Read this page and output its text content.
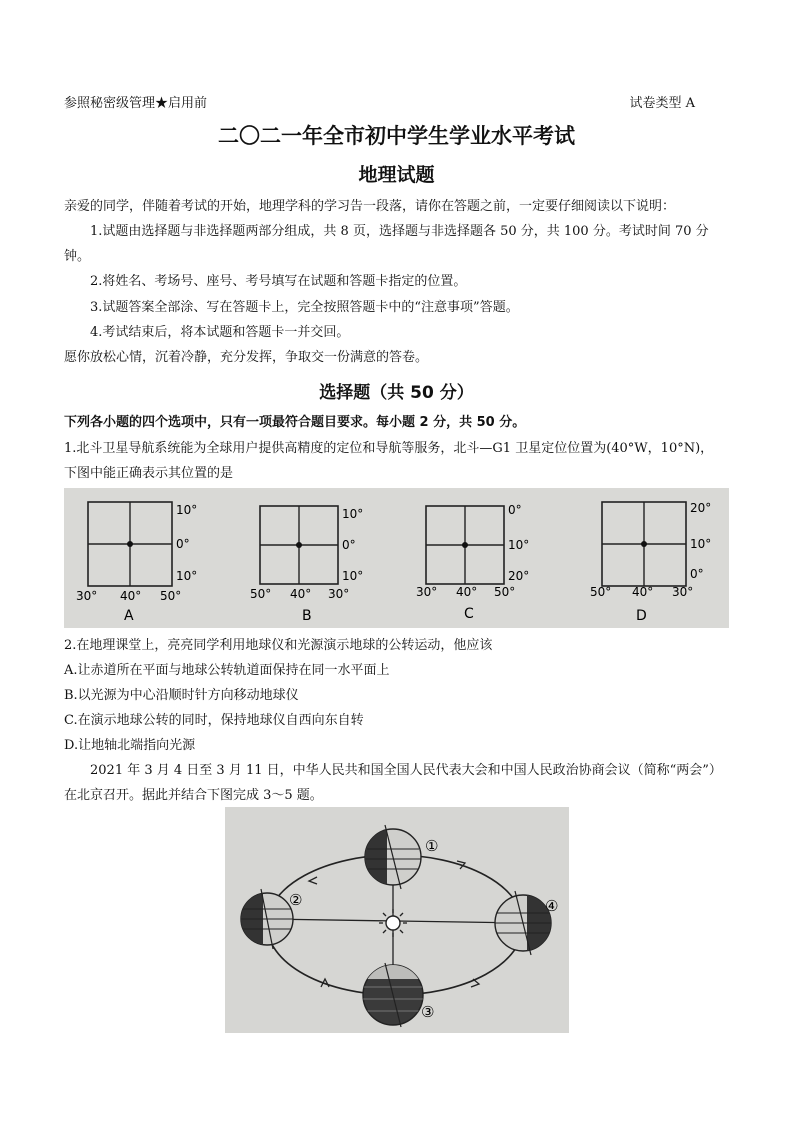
参照秘密级管理★启用前	试卷类型 A
二〇二一年全市初中学生学业水平考试
地理试题
亲爱的同学，伴随着考试的开始，地理学科的学习告一段落，请你在答题之前，一定要仔细阅读以下说明：
1.试题由选择题与非选择题两部分组成，共 8 页，选择题与非选择题各 50 分，共 100 分。考试时间 70 分
钟。
2.将姓名、考场号、座号、考号填写在试题和答题卡指定的位置。
3.试题答案全部涂、写在答题卡上，完全按照答题卡中的“注意事项”答题。
4.考试结束后，将本试题和答题卡一并交回。
愿你放松心情，沉着冷静，充分发挥，争取交一份满意的答卷。
选择题（共 50 分）
下列各小题的四个选项中，只有一项最符合题目要求。每小题 2 分，共 50 分。
1.北斗卫星导航系统能为全球用户提供高精度的定位和导航等服务，北斗—G1 卫星定位位置为(40°W，10°N)，
下图中能正确表示其位置的是
10°
0°
10°
30° 40° 50°
A
10°
0°
10°
50° 40° 30°
B
0°
10°
20°
30° 40° 50°
C
20°
10°
0°
50° 40° 30°
D
2.在地理课堂上，亮亮同学利用地球仪和光源演示地球的公转运动，他应该
A.让赤道所在平面与地球公转轨道面保持在同一水平面上
B.以光源为中心沿顺时针方向移动地球仪
C.在演示地球公转的同时，保持地球仪自西向东自转
D.让地轴北端指向光源
2021 年 3 月 4 日至 3 月 11 日，中华人民共和国全国人民代表大会和中国人民政治协商会议（简称“两会”）
在北京召开。据此并结合下图完成 3～5 题。
①
②
③
④
